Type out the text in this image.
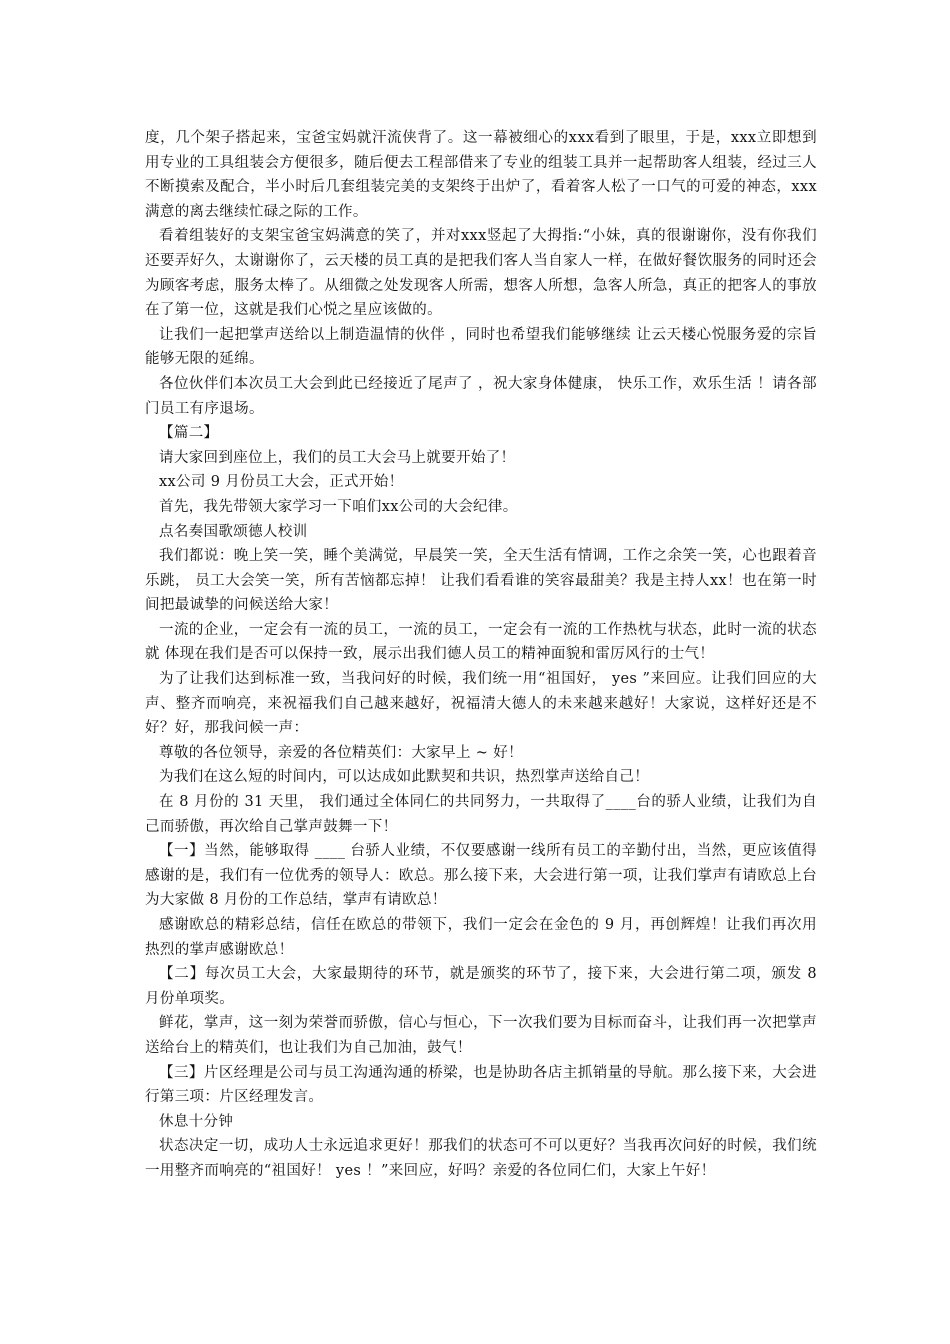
度，几个架子搭起来，宝爸宝妈就汗流侠背了。这一幕被细心的xxx看到了眼里，于是，xxx立即想到用专业的工具组装会方便很多，随后便去工程部借来了专业的组装工具并一起帮助客人组装，经过三人不断摸索及配合，半小时后几套组装完美的支架终于出炉了，看着客人松了一口气的可爱的神态，xxx满意的离去继续忙碌之际的工作。

看着组装好的支架宝爸宝妈满意的笑了，并对xxx竖起了大拇指:“小妹，真的很谢谢你，没有你我们还要弄好久，太谢谢你了，云天楼的员工真的是把我们客人当自家人一样，在做好餐饮服务的同时还会为顾客考虑，服务太棒了。从细微之处发现客人所需，想客人所想，急客人所急，真正的把客人的事放在了第一位，这就是我们心悦之星应该做的。

让我们一起把掌声送给以上制造温情的伙伴 ，同时也希望我们能够继续 让云天楼心悦服务爱的宗旨能够无限的延绵。

各位伙伴们本次员工大会到此已经接近了尾声了 ，祝大家身体健康， 快乐工作，欢乐生活 ！请各部门员工有序退场。

【篇二】

请大家回到座位上，我们的员工大会马上就要开始了！

xx公司 9 月份员工大会，正式开始！

首先，我先带领大家学习一下咱们xx公司的大会纪律。

点名奏国歌颂德人校训

我们都说：晚上笑一笑，睡个美满觉，早晨笑一笑，全天生活有情调，工作之余笑一笑，心也跟着音乐跳， 员工大会笑一笑，所有苦恼都忘掉！ 让我们看看谁的笑容最甜美？我是主持人xx！也在第一时间把最诚挚的问候送给大家！

一流的企业，一定会有一流的员工，一流的员工，一定会有一流的工作热枕与状态，此时一流的状态 就 体现在我们是否可以保持一致，展示出我们德人员工的精神面貌和雷厉风行的士气！

为了让我们达到标准一致，当我问好的时候，我们统一用“祖国好， yes ”来回应。让我们回应的大声、整齐而响亮，来祝福我们自己越来越好，祝福清大德人的未来越来越好！大家说，这样好还是不好？好，那我问候一声：

尊敬的各位领导，亲爱的各位精英们：大家早上 ~ 好！

为我们在这么短的时间内，可以达成如此默契和共识，热烈掌声送给自己！

在 8 月份的 31 天里， 我们通过全体同仁的共同努力，一共取得了____台的骄人业绩，让我们为自己而骄傲，再次给自己掌声鼓舞一下！

【一】当然，能够取得 ____ 台骄人业绩，不仅要感谢一线所有员工的辛勤付出，当然，更应该值得感谢的是，我们有一位优秀的领导人：欧总。那么接下来，大会进行第一项，让我们掌声有请欧总上台为大家做 8 月份的工作总结，掌声有请欧总！

感谢欧总的精彩总结，信任在欧总的带领下，我们一定会在金色的 9 月，再创辉煌！让我们再次用热烈的掌声感谢欧总！

【二】每次员工大会，大家最期待的环节，就是颁奖的环节了，接下来，大会进行第二项，颁发 8 月份单项奖。

鲜花，掌声，这一刻为荣誉而骄傲，信心与恒心，下一次我们要为目标而奋斗，让我们再一次把掌声送给台上的精英们，也让我们为自己加油，鼓气！

【三】片区经理是公司与员工沟通沟通的桥梁，也是协助各店主抓销量的导航。那么接下来，大会进行第三项：片区经理发言。

休息十分钟

状态决定一切，成功人士永远追求更好！那我们的状态可不可以更好？当我再次问好的时候，我们统一用整齐而响亮的“祖国好！ yes ！”来回应，好吗？亲爱的各位同仁们，大家上午好！
